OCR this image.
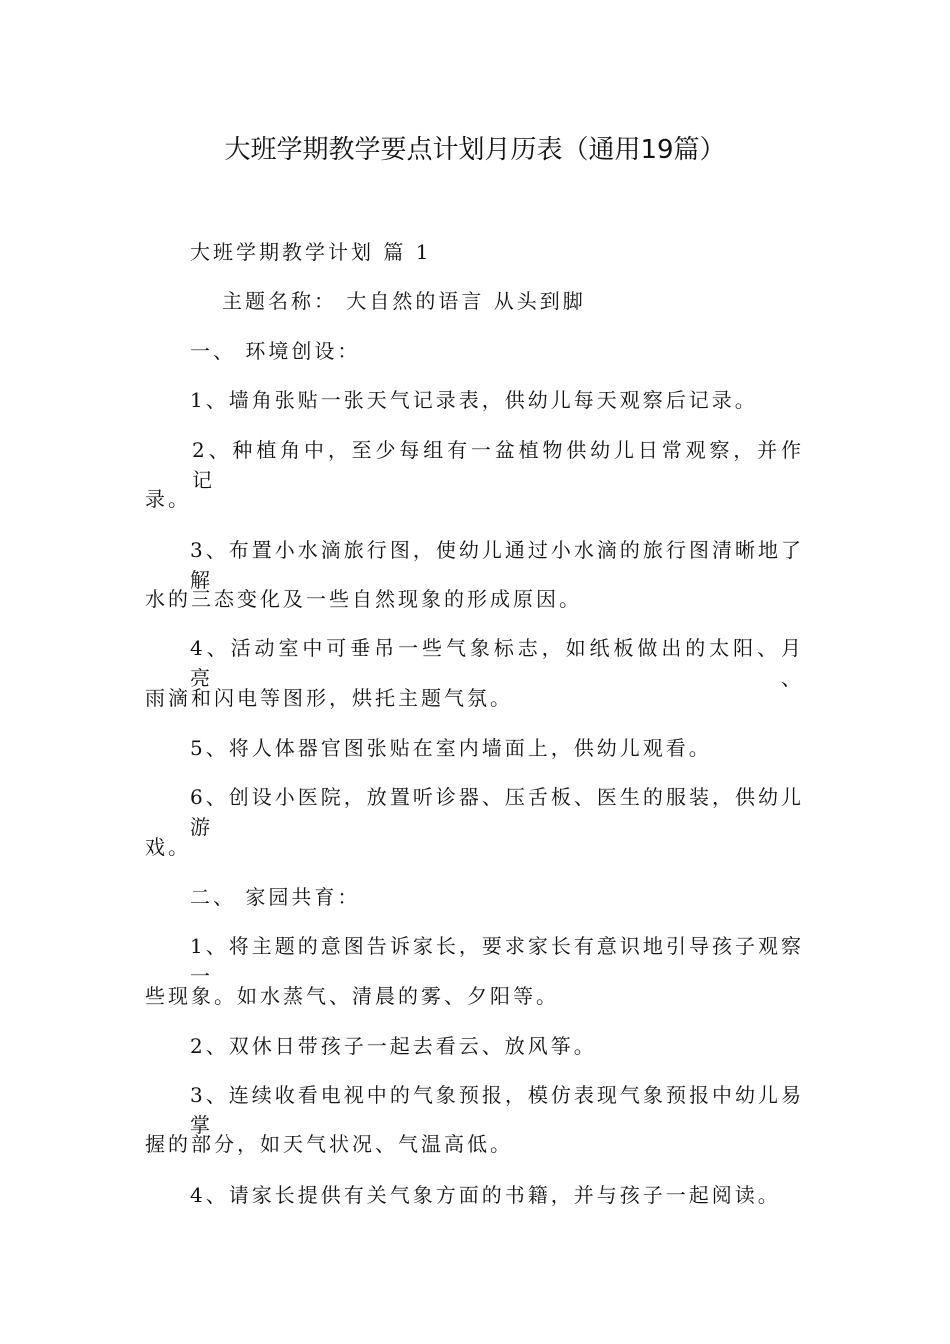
大班学期教学要点计划月历表（通用19篇）
大班学期教学计划 篇 1
主题名称： 大自然的语言 从头到脚
一、 环境创设：
1、墙角张贴一张天气记录表，供幼儿每天观察后记录。
2、种植角中，至少每组有一盆植物供幼儿日常观察，并作记
录。
3、布置小水滴旅行图，使幼儿通过小水滴的旅行图清晰地了解
水的三态变化及一些自然现象的形成原因。
4、活动室中可垂吊一些气象标志，如纸板做出的太阳、月亮、
雨滴和闪电等图形，烘托主题气氛。
5、将人体器官图张贴在室内墙面上，供幼儿观看。
6、创设小医院，放置听诊器、压舌板、医生的服装，供幼儿游
戏。
二、 家园共育：
1、将主题的意图告诉家长，要求家长有意识地引导孩子观察一
些现象。如水蒸气、清晨的雾、夕阳等。
2、双休日带孩子一起去看云、放风筝。
3、连续收看电视中的气象预报，模仿表现气象预报中幼儿易掌
握的部分，如天气状况、气温高低。
4、请家长提供有关气象方面的书籍，并与孩子一起阅读。
